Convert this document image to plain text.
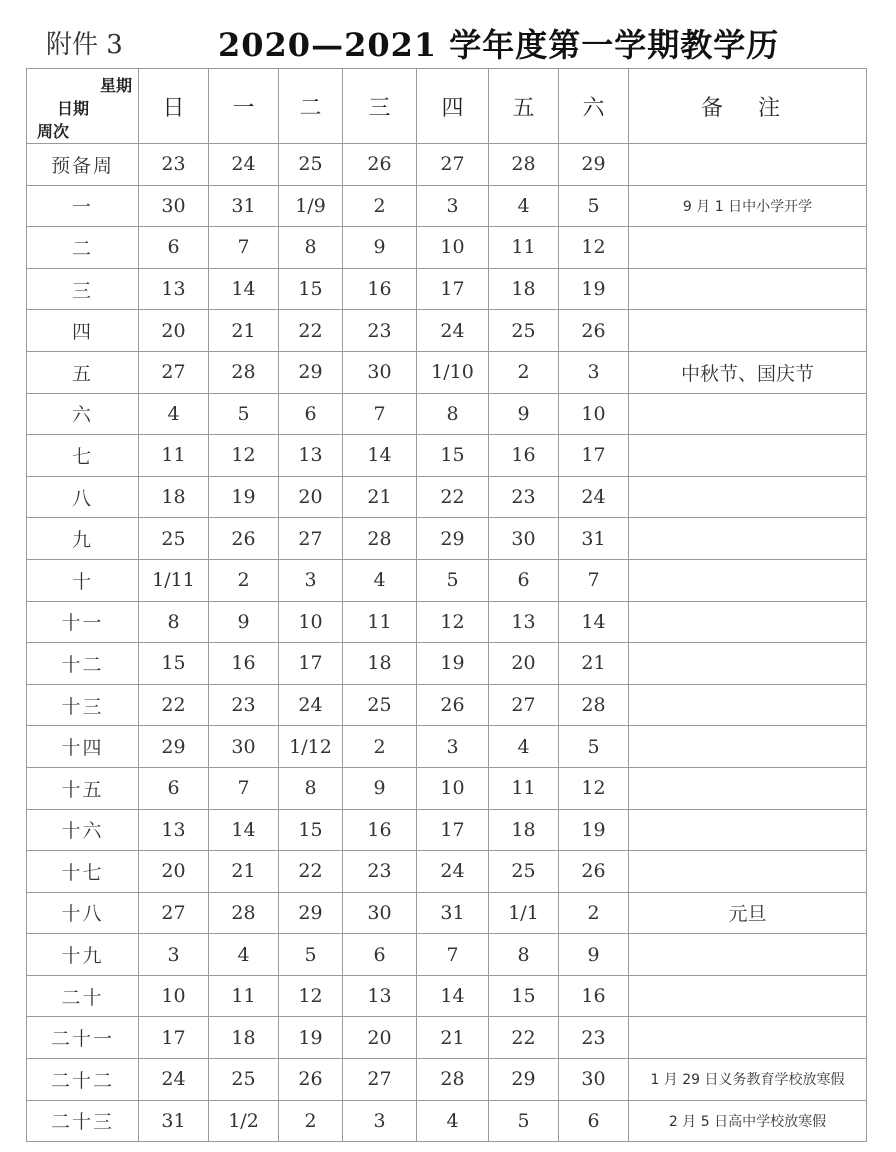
附件 3	2020—2021 学年度第一学期教学历
星期
日期
周次	日	一	二	三	四	五	六	备 注
预备周	23	24	25	26	27	28	29	
一	30	31	1/9	2	3	4	5	9 月 1 日中小学开学
二	6	7	8	9	10	11	12	
三	13	14	15	16	17	18	19	
四	20	21	22	23	24	25	26	
五	27	28	29	30	1/10	2	3	中秋节、国庆节
六	4	5	6	7	8	9	10	
七	11	12	13	14	15	16	17	
八	18	19	20	21	22	23	24	
九	25	26	27	28	29	30	31	
十	1/11	2	3	4	5	6	7	
十一	8	9	10	11	12	13	14	
十二	15	16	17	18	19	20	21	
十三	22	23	24	25	26	27	28	
十四	29	30	1/12	2	3	4	5	
十五	6	7	8	9	10	11	12	
十六	13	14	15	16	17	18	19	
十七	20	21	22	23	24	25	26	
十八	27	28	29	30	31	1/1	2	元旦
十九	3	4	5	6	7	8	9	
二十	10	11	12	13	14	15	16	
二十一	17	18	19	20	21	22	23	
二十二	24	25	26	27	28	29	30	1 月 29 日义务教育学校放寒假
二十三	31	1/2	2	3	4	5	6	2 月 5 日高中学校放寒假
